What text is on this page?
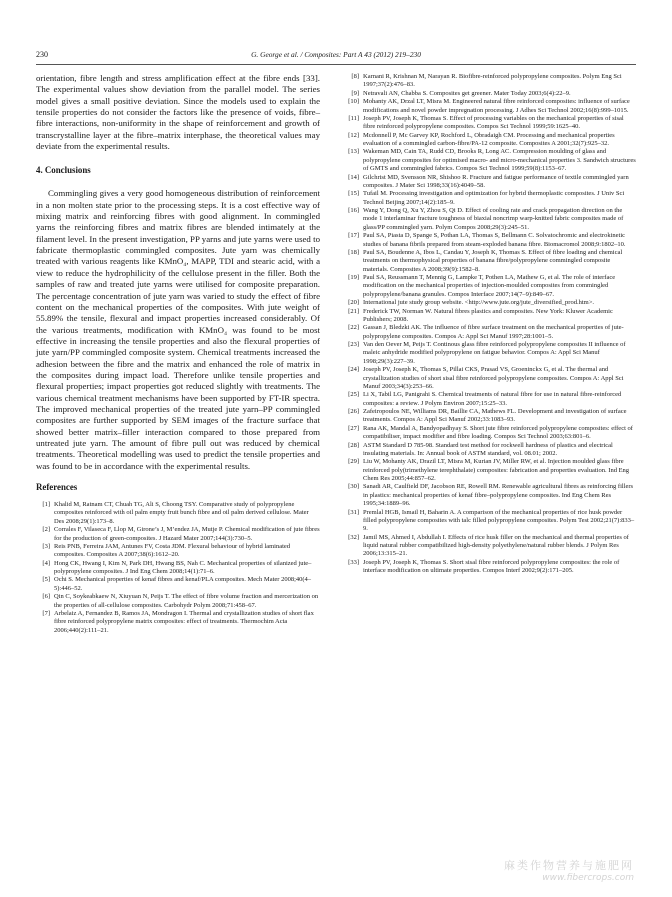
230	G. George et al. / Composites: Part A 43 (2012) 219–230

orientation, fibre length and stress amplification effect at the fibre ends [33]. The experimental values show deviation from the parallel model. The series model gives a small positive deviation. Since the models used to explain the tensile properties do not consider the factors like the presence of voids, fibre–fibre interactions, non-uniformity in the shape of reinforcement and growth of transcrystalline layer at the fibre–matrix interphase, the theoretical values may deviate from the experimental results.

4. Conclusions

Commingling gives a very good homogeneous distribution of reinforcement in a non molten state prior to the processing steps. It is a cost effective way of mixing matrix and reinforcing fibres with good alignment. In commingled yarns the reinforcing fibres and matrix fibres are blended intimately at the filament level. In the present investigation, PP yarns and jute yarns were used to fabricate thermoplastic commingled composites. Jute yarn was chemically treated with various reagents like KMnO₄, MAPP, TDI and stearic acid, with a view to reduce the hydrophilicity of the cellulose present in the filler. Both the samples of raw and treated jute yarns were utilised for composite preparation. The percentage concentration of jute yarn was varied to study the effect of fibre content on the mechanical properties of the composites. With jute weight of 55.89% the tensile, flexural and impact properties increased considerably. Of the various treatments, modification with KMnO₄ was found to be most effective in increasing the tensile properties and also the flexural properties of jute yarn/PP commingled composite system. Chemical treatments increased the adhesion between the fibre and the matrix and enhanced the role of matrix in the composites during impact load. Therefore unlike tensile properties and flexural properties; impact properties got reduced slightly with treatments. The various chemical treatment mechanisms have been supported by FT-IR spectra. The improved mechanical properties of the treated jute yarn–PP commingled composites are further supported by SEM images of the fracture surface that showed better matrix–filler interaction compared to those prepared from untreated jute yarn. The amount of fibre pull out was reduced by chemical treatments. Theoretical modelling was used to predict the tensile properties and was found to be in accordance with the experimental results.

References
[1] Khalid M, Ratnam CT, Chuah TG, Ali S, Choong TSY. Comparative study of polypropylene composites reinforced with oil palm empty fruit bunch fibre and oil palm derived cellulose. Mater Des 2008;29(1):173–8.
[2] Corrales F, Vilaseca F, Llop M, Girone’s J, M’endez JA, Mutje P. Chemical modification of jute fibres for the production of green-composites. J Hazard Mater 2007;144(3):730–5.
[3] Reis PNB, Ferreira JAM, Antunes FV, Costa JDM. Flexural behaviour of hybrid laminated composites. Composites A 2007;38(6):1612–20.
[4] Hong CK, Hwang I, Kim N, Park DH, Hwang BS, Nah C. Mechanical properties of silanized jute–polypropylene composites. J Ind Eng Chem 2008;14(1):71–6.
[5] Ochi S. Mechanical properties of kenaf fibres and kenaf/PLA composites. Mech Mater 2008;40(4–5):446–52.
[6] Qin C, Soykeabkaew N, Xiuyuan N, Peijs T. The effect of fibre volume fraction and mercerization on the properties of all-cellulose composites. Carbohydr Polym 2008;71:458–67.
[7] Arbelaiz A, Fernandez B, Ramos JA, Mondragon I. Thermal and crystallization studies of short flax fibre reinforced polypropylene matrix composites: effect of treatments. Thermochim Acta 2006;440(2):111–21.
[8] Karnani R, Krishnan M, Narayan R. Biofibre-reinforced polypropylene composites. Polym Eng Sci 1997;37(2):476–83.
[9] Netravali AN, Chabba S. Composites get greener. Mater Today 2003;6(4):22–9.
[10] Mohanty AK, Drzal LT, Misra M. Engineered natural fibre reinforced composites: influence of surface modifications and novel powder impregnation processing. J Adhes Sci Technol 2002;16(8):999–1015.
[11] Joseph PV, Joseph K, Thomas S. Effect of processing variables on the mechanical properties of sisal fibre reinforced polypropylene composites. Compos Sci Technol 1999;59:1625–40.
[12] Mcdonnell P, Mc Garvey KP, Rochford L, Obradaigh CM. Processing and mechanical properties evaluation of a commingled carbon-fibre/PA-12 composite. Composites A 2001;32(7):925–32.
[13] Wakeman MD, Cain TA, Rudd CD, Brooks R, Long AC. Compression moulding of glass and polypropylene composites for optimised macro- and micro-mechanical properties 3. Sandwich structures of GMTS and commingled fabrics. Compos Sci Technol 1999;59(8):1153–67.
[14] Gilchrist MD, Svensson NR, Shishoo R. Fracture and fatigue performance of textile commingled yarn composites. J Mater Sci 1998;33(16):4049–58.
[15] Tufail M. Processing investigation and optimization for hybrid thermoplastic composites. J Univ Sci Technol Beijing 2007;14(2):185–9.
[16] Wang Y, Dong Q, Xu Y, Zhou S, Qi D. Effect of cooling rate and crack propagation direction on the mode 1 interlaminar fracture toughness of biaxial noncrimp warp-knitted fabric composites made of glass/PP commingled yarn. Polym Compos 2008;29(3):245–51.
[17] Paul SA, Piasta D, Spange S, Pothan LA, Thomas S, Bellmann C. Solvatochromic and electrokinetic studies of banana fibrils prepared from steam-exploded banana fibre. Biomacromol 2008;9:1802–10.
[18] Paul SA, Boudenne A, Ibos L, Candau Y, Joseph K, Thomas S. Effect of fibre loading and chemical treatments on thermophysical properties of banana fibre/polypropylene commingled composite materials. Composites A 2008;39(9):1582–8.
[19] Paul SA, Reussmann T, Mennig G, Lampke T, Pothen LA, Mathew G, et al. The role of interface modification on the mechanical properties of injection-moulded composites from commingled polypropylene/banana granules. Compos Interface 2007;14(7–9):849–67.
[20] International jute study group website. <http://www.jute.org/jute_diversified_prod.htm>.
[21] Frederick TW, Norman W. Natural fibres plastics and composites. New York: Kluwer Academic Publishers; 2008.
[22] Gassan J, Bledzki AK. The influence of fibre surface treatment on the mechanical properties of jute-polypropylene composites. Compos A: Appl Sci Manuf 1997;28:1001–5.
[23] Van den Oever M, Peijs T. Continous glass fibre reinforced polypropylene composites II influence of maleic anhydride modified polypropylene on fatigue behavior. Compos A: Appl Sci Manuf 1998;29(3):227–39.
[24] Joseph PV, Joseph K, Thomas S, Pillai CKS, Prasad VS, Groeninckx G, et al. The thermal and crystallization studies of short sisal fibre reinforced polypropylene composites. Compos A: Appl Sci Manuf 2003;34(3):253–66.
[25] Li X, Tabil LG, Panigrahi S. Chemical treatments of natural fibre for use in natural fibre-reinforced composites: a review. J Polym Environ 2007;15:25–33.
[26] Zafeiropoulos NE, Williams DR, Baillie CA, Mathews FL. Development and investigation of surface treatments. Compos A: Appl Sci Manuf 2002;33:1083–93.
[27] Rana AK, Mandal A, Bandyopadhyay S. Short jute fibre reinforced polypropylene composites: effect of compatibiliser, impact modifier and fibre loading. Compos Sci Technol 2003;63:801–6.
[28] ASTM Standard D 785-98. Standard test method for rockwell hardness of plastics and electrical insulating materials. In: Annual book of ASTM standard, vol. 08.01; 2002.
[29] Liu W, Mohanty AK, Drazil LT, Misra M, Kurian JV, Miller RW, et al. Injection moulded glass fibre reinforced poly(trimethylene terephthalate) composites: fabrication and properties evaluation. Ind Eng Chem Res 2005;44:857–62.
[30] Sanadi AR, Caulfield DF, Jacobson RE, Rowell RM. Renewable agricultural fibres as reinforcing fillers in plastics: mechanical properties of kenaf fibre–polypropylene composites. Ind Eng Chem Res 1995;34:1889–96.
[31] Premlal HGB, Ismail H, Baharin A. A comparison of the mechanical properties of rice husk powder filled polypropylene composites with talc filled polypropylene composites. Polym Test 2002;21(7):833–9.
[32] Jamil MS, Ahmed I, Abdullah I. Effects of rice husk filler on the mechanical and thermal properties of liquid natural rubber compatibilized high-density polyethylene/natural rubber blends. J Polym Res 2006;13:315–21.
[33] Joseph PV, Joseph K, Thomas S. Short sisal fibre reinforced polypropylene composites: the role of interface modification on ultimate properties. Compos Interf 2002;9(2):171–205.
麻类作物营养与施肥网
www.fibercrops.com
